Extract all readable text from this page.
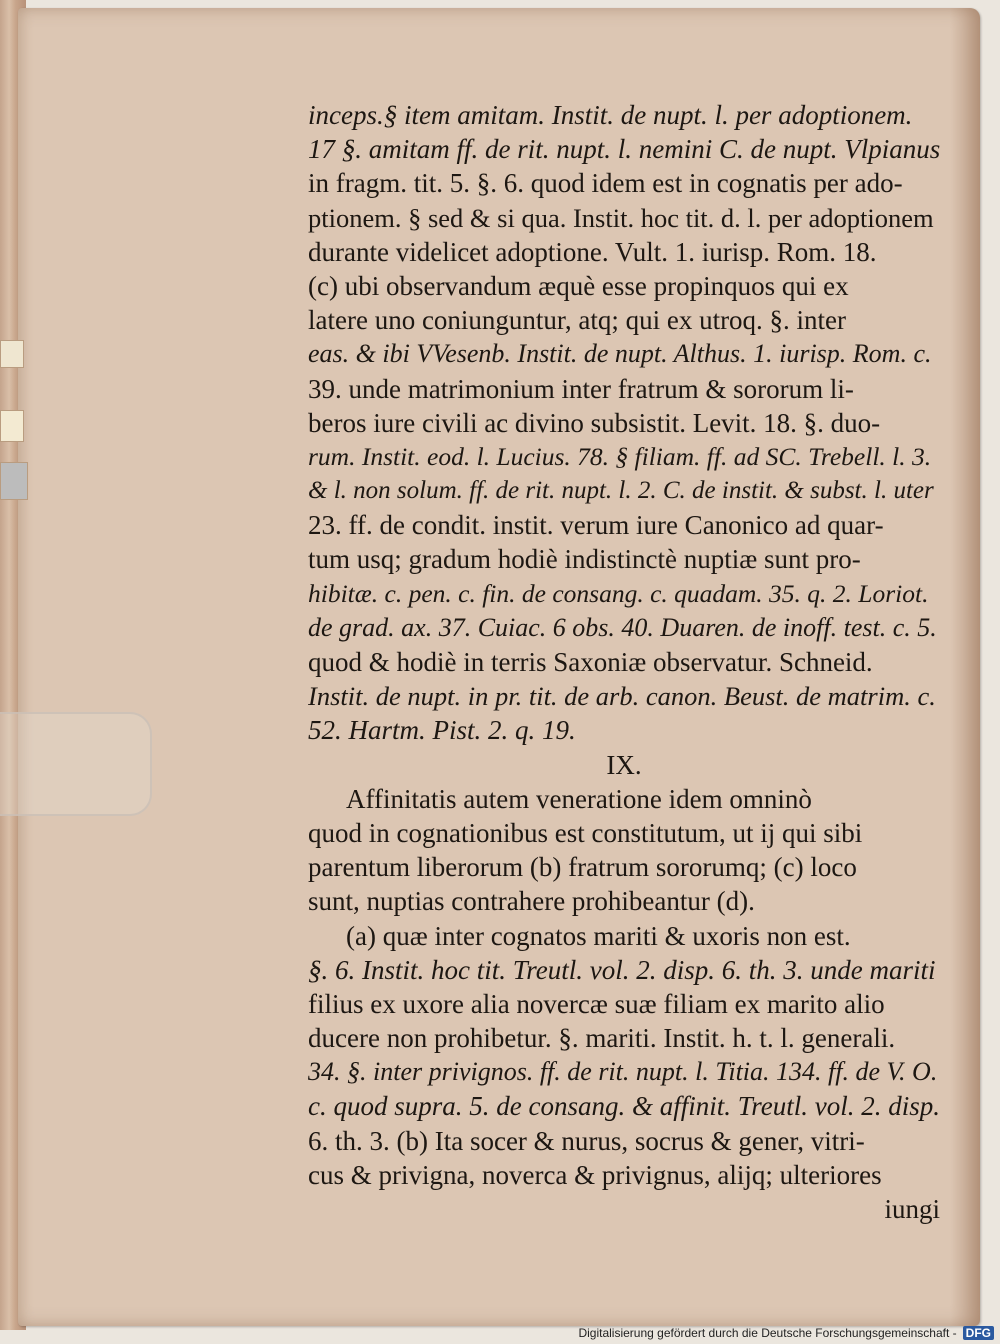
inceps.§ item amitam. Instit. de nupt. l. per adoptionem.
17 §. amitam ff. de rit. nupt. l. nemini C. de nupt. Vlpianus
in fragm. tit. 5. §. 6. quod idem est in cognatis per ado-
ptionem. § sed & si qua. Instit. hoc tit. d. l. per adoptionem
durante videlicet adoptione. Vult. 1. iurisp. Rom. 18.
(c) ubi observandum æquè esse propinquos qui ex
latere uno coniunguntur, atq; qui ex utroq. §. inter
eas. & ibi VVesenb. Instit. de nupt. Althus. 1. iurisp. Rom. c.
39. unde matrimonium inter fratrum & sororum li-
beros iure civili ac divino subsistit. Levit. 18. §. duo-
rum. Instit. eod. l. Lucius. 78. § filiam. ff. ad SC. Trebell. l. 3.
& l. non solum. ff. de rit. nupt. l. 2. C. de instit. & subst. l. uter
23. ff. de condit. instit. verum iure Canonico ad quar-
tum usq; gradum hodiè indistinctè nuptiæ sunt pro-
hibitæ. c. pen. c. fin. de consang. c. quadam. 35. q. 2. Loriot.
de grad. ax. 37. Cuiac. 6 obs. 40. Duaren. de inoff. test. c. 5.
quod & hodiè in terris Saxoniæ observatur. Schneid.
Instit. de nupt. in pr. tit. de arb. canon. Beust. de matrim. c.
52. Hartm. Pist. 2. q. 19.
IX.
Affinitatis autem veneratione idem omninò
quod in cognationibus est constitutum, ut ij qui sibi
parentum liberorum (b) fratrum sororumq; (c) loco
sunt, nuptias contrahere prohibeantur (d).
(a) quæ inter cognatos mariti & uxoris non est.
§. 6. Instit. hoc tit. Treutl. vol. 2. disp. 6. th. 3. unde mariti
filius ex uxore alia novercæ suæ filiam ex marito alio
ducere non prohibetur. §. mariti. Instit. h. t. l. generali.
34. §. inter privignos. ff. de rit. nupt. l. Titia. 134. ff. de V. O.
c. quod supra. 5. de consang. & affinit. Treutl. vol. 2. disp.
6. th. 3. (b) Ita socer & nurus, socrus & gener, vitri-
cus & privigna, noverca & privignus, alijq; ulteriores
iungi
Digitalisierung gefördert durch die Deutsche Forschungsgemeinschaft - DFG
